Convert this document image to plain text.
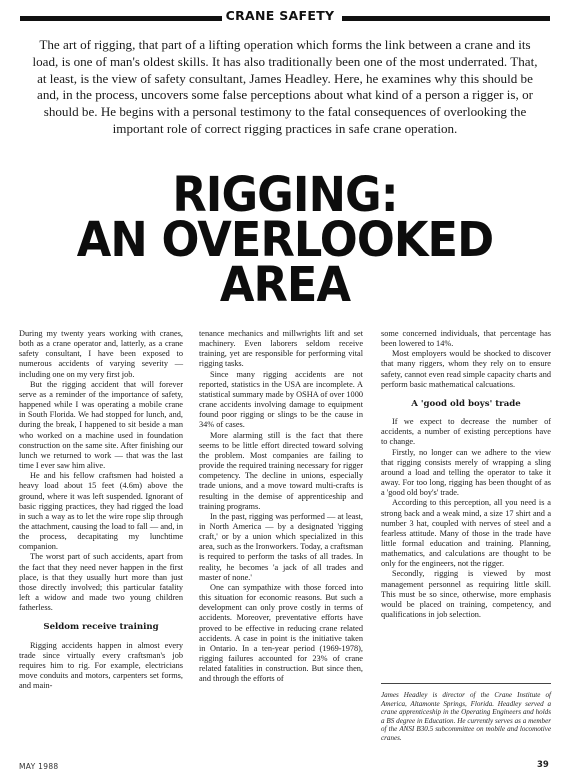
CRANE SAFETY

The art of rigging, that part of a lifting operation which forms the link between a crane and its load, is one of man's oldest skills. It has also traditionally been one of the most underrated. That, at least, is the view of safety consultant, James Headley. Here, he examines why this should be and, in the process, uncovers some false perceptions about what kind of a person a rigger is, or should be. He begins with a personal testimony to the fatal consequences of overlooking the important role of correct rigging practices in safe crane operation.

RIGGING:
AN OVERLOOKED
AREA

During my twenty years working with cranes, both as a crane operator and, latterly, as a crane safety consultant, I have been exposed to numerous accidents of varying severity — including one on my very first job.

But the rigging accident that will forever serve as a reminder of the importance of safety, happened while I was operating a mobile crane in South Florida. We had stopped for lunch, and, during the break, I happened to sit beside a man who worked on a machine used in foundation construction on the same site. After finishing our lunch we returned to work — that was the last time I ever saw him alive.

He and his fellow craftsmen had hoisted a heavy load about 15 feet (4.6m) above the ground, where it was left suspended. Ignorant of basic rigging practices, they had rigged the load in such a way as to let the wire rope slip through the attachment, causing the load to fall — and, in the process, decapitating my lunchtime companion.

The worst part of such accidents, apart from the fact that they need never happen in the first place, is that they usually hurt more than just those directly involved; this particular fatality left a widow and made two young children fatherless.

Seldom receive training

Rigging accidents happen in almost every trade since virtually every craftsman's job requires him to rig. For example, electricians move conduits and motors, carpenters set forms, and main-

tenance mechanics and millwrights lift and set machinery. Even laborers seldom receive training, yet are responsible for performing vital rigging tasks.

Since many rigging accidents are not reported, statistics in the USA are incomplete. A statistical summary made by OSHA of over 1000 crane accidents involving damage to equipment found poor rigging or slings to be the cause in 34% of cases.

More alarming still is the fact that there seems to be little effort directed toward solving the problem. Most companies are failing to provide the required training necessary for rigger competency. The decline in unions, especially trade unions, and a move toward multi-crafts is resulting in the demise of apprenticeship and training programs.

In the past, rigging was performed — at least, in North America — by a designated 'rigging craft,' or by a union which specialized in this area, such as the Ironworkers. Today, a craftsman is required to perform the tasks of all trades. In reality, he becomes 'a jack of all trades and master of none.'

One can sympathize with those forced into this situation for economic reasons. But such a development can only prove costly in terms of accidents. Moreover, preventative efforts have proved to be effective in reducing crane related accidents. A case in point is the initiative taken in Ontario. In a ten-year period (1969-1978), rigging failures accounted for 23% of crane related fatalities in construction. But since then, and through the efforts of

some concerned individuals, that percentage has been lowered to 14%.

Most employers would be shocked to discover that many riggers, whom they rely on to ensure safety, cannot even read simple capacity charts and perform basic mathematical calcuations.

A 'good old boys' trade

If we expect to decrease the number of accidents, a number of existing perceptions have to change.

Firstly, no longer can we adhere to the view that rigging consists merely of wrapping a sling around a load and telling the operator to take it away. For too long, rigging has been thought of as a 'good old boy's' trade.

According to this perception, all you need is a strong back and a weak mind, a size 17 shirt and a number 3 hat, coupled with nerves of steel and a fearless attitude. Many of those in the trade have little formal education and training. Planning, mathematics, and calculations are thought to be only for the engineers, not the rigger.

Secondly, rigging is viewed by most management personnel as requiring little skill. This must be so since, otherwise, more emphasis would be placed on training, competency, and qualifications in job selection.

James Headley is director of the Crane Institute of America, Altamonte Springs, Florida. Headley served a crane apprenticeship in the Operating Engineers and holds a BS degree in Education. He currently serves as a member of the ANSI B30.5 subcommittee on mobile and locomotive cranes.

MAY 1988	39
